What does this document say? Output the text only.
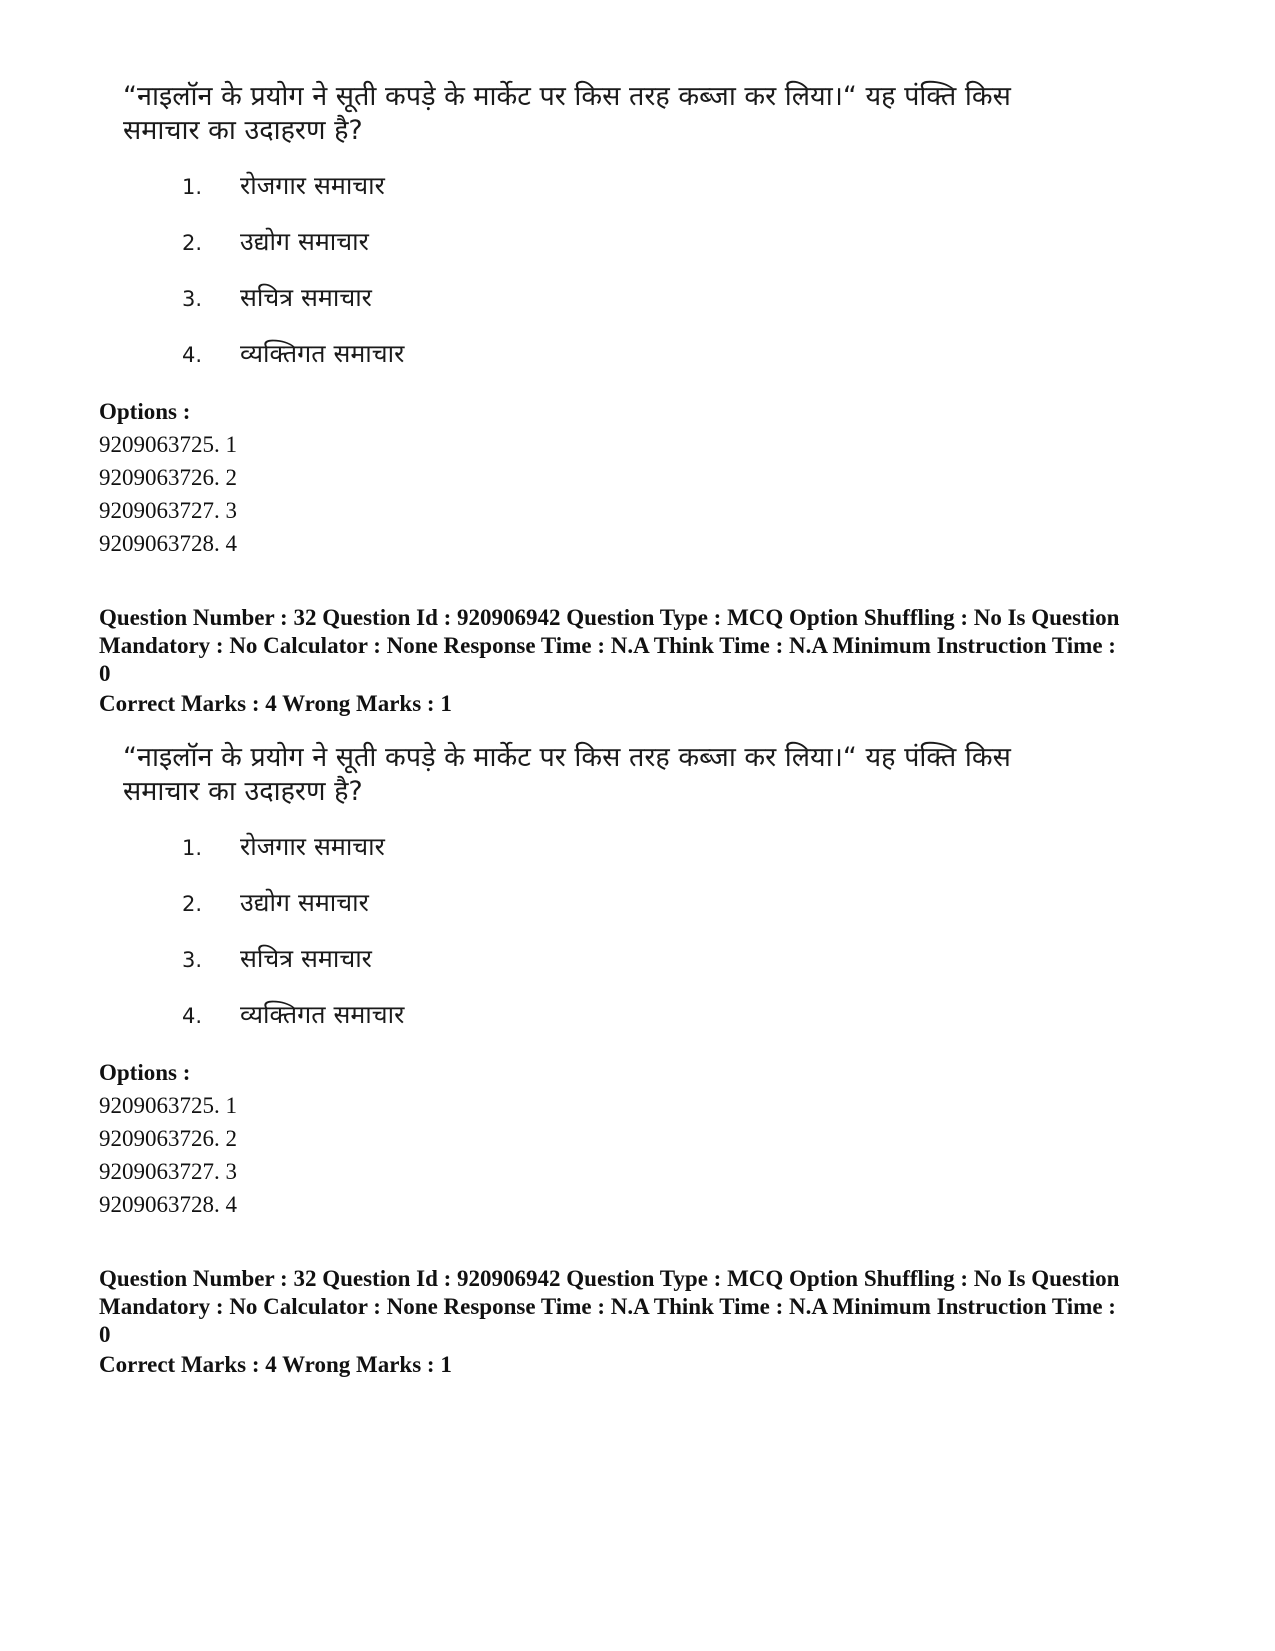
“नाइलॉन के प्रयोग ने सूती कपड़े के मार्केट पर किस तरह कब्जा कर लिया।“ यह पंक्ति किस समाचार का उदाहरण है?
1. रोजगार समाचार
2. उद्योग समाचार
3. सचित्र समाचार
4. व्यक्तिगत समाचार
Options :
9209063725. 1
9209063726. 2
9209063727. 3
9209063728. 4
Question Number : 32 Question Id : 920906942 Question Type : MCQ Option Shuffling : No Is Question Mandatory : No Calculator : None Response Time : N.A Think Time : N.A Minimum Instruction Time : 0
Correct Marks : 4 Wrong Marks : 1
“नाइलॉन के प्रयोग ने सूती कपड़े के मार्केट पर किस तरह कब्जा कर लिया।“ यह पंक्ति किस समाचार का उदाहरण है?
1. रोजगार समाचार
2. उद्योग समाचार
3. सचित्र समाचार
4. व्यक्तिगत समाचार
Options :
9209063725. 1
9209063726. 2
9209063727. 3
9209063728. 4
Question Number : 32 Question Id : 920906942 Question Type : MCQ Option Shuffling : No Is Question Mandatory : No Calculator : None Response Time : N.A Think Time : N.A Minimum Instruction Time : 0
Correct Marks : 4 Wrong Marks : 1
